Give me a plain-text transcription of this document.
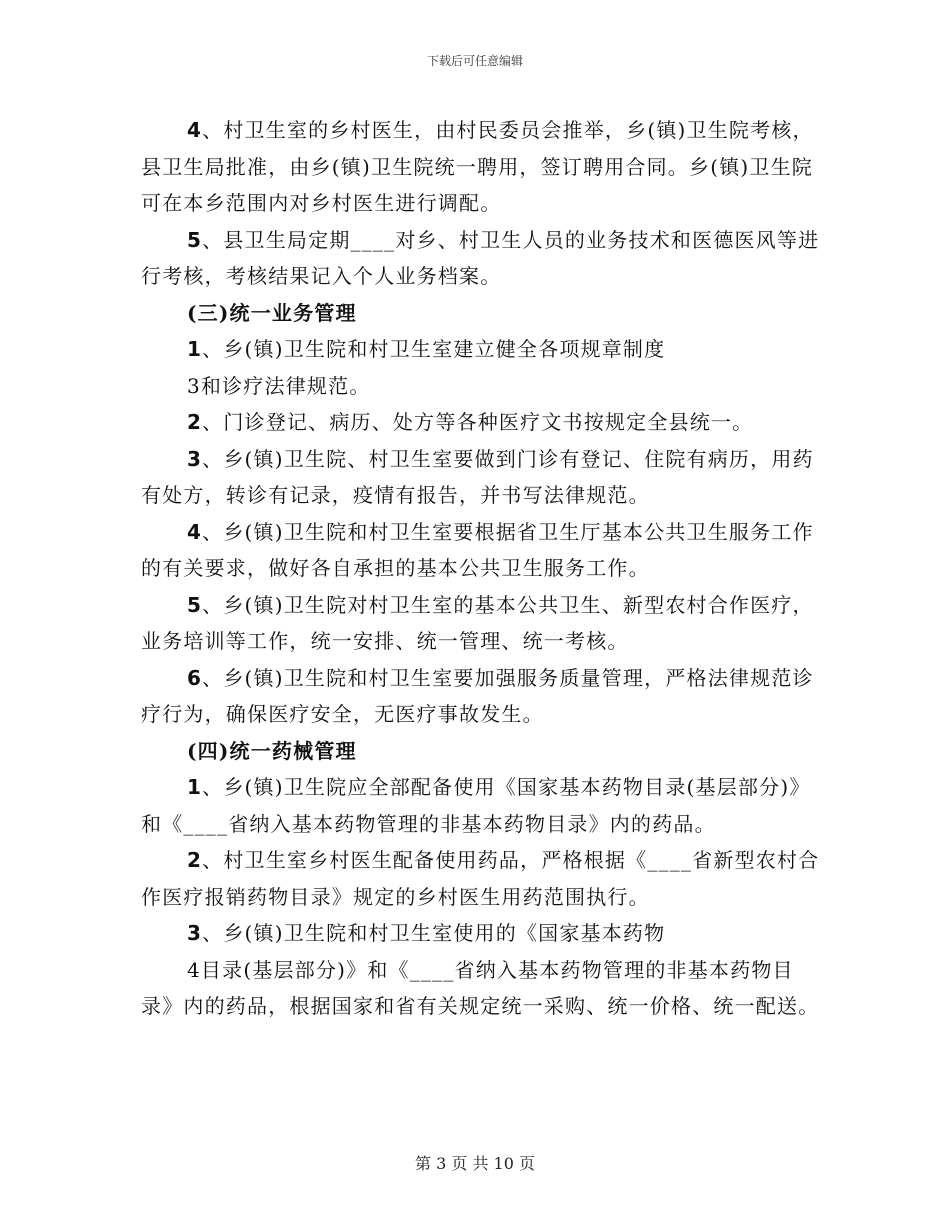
下载后可任意编辑

4、村卫生室的乡村医生，由村民委员会推举，乡(镇)卫生院考核，县卫生局批准，由乡(镇)卫生院统一聘用，签订聘用合同。乡(镇)卫生院可在本乡范围内对乡村医生进行调配。

5、县卫生局定期____对乡、村卫生人员的业务技术和医德医风等进行考核，考核结果记入个人业务档案。

(三)统一业务管理

1、乡(镇)卫生院和村卫生室建立健全各项规章制度

3和诊疗法律规范。

2、门诊登记、病历、处方等各种医疗文书按规定全县统一。

3、乡(镇)卫生院、村卫生室要做到门诊有登记、住院有病历，用药有处方，转诊有记录，疫情有报告，并书写法律规范。

4、乡(镇)卫生院和村卫生室要根据省卫生厅基本公共卫生服务工作的有关要求，做好各自承担的基本公共卫生服务工作。

5、乡(镇)卫生院对村卫生室的基本公共卫生、新型农村合作医疗，业务培训等工作，统一安排、统一管理、统一考核。

6、乡(镇)卫生院和村卫生室要加强服务质量管理，严格法律规范诊疗行为，确保医疗安全，无医疗事故发生。

(四)统一药械管理

1、乡(镇)卫生院应全部配备使用《国家基本药物目录(基层部分)》和《____省纳入基本药物管理的非基本药物目录》内的药品。

2、村卫生室乡村医生配备使用药品，严格根据《____省新型农村合作医疗报销药物目录》规定的乡村医生用药范围执行。

3、乡(镇)卫生院和村卫生室使用的《国家基本药物

4目录(基层部分)》和《____省纳入基本药物管理的非基本药物目录》内的药品，根据国家和省有关规定统一采购、统一价格、统一配送。

第 3 页 共 10 页
